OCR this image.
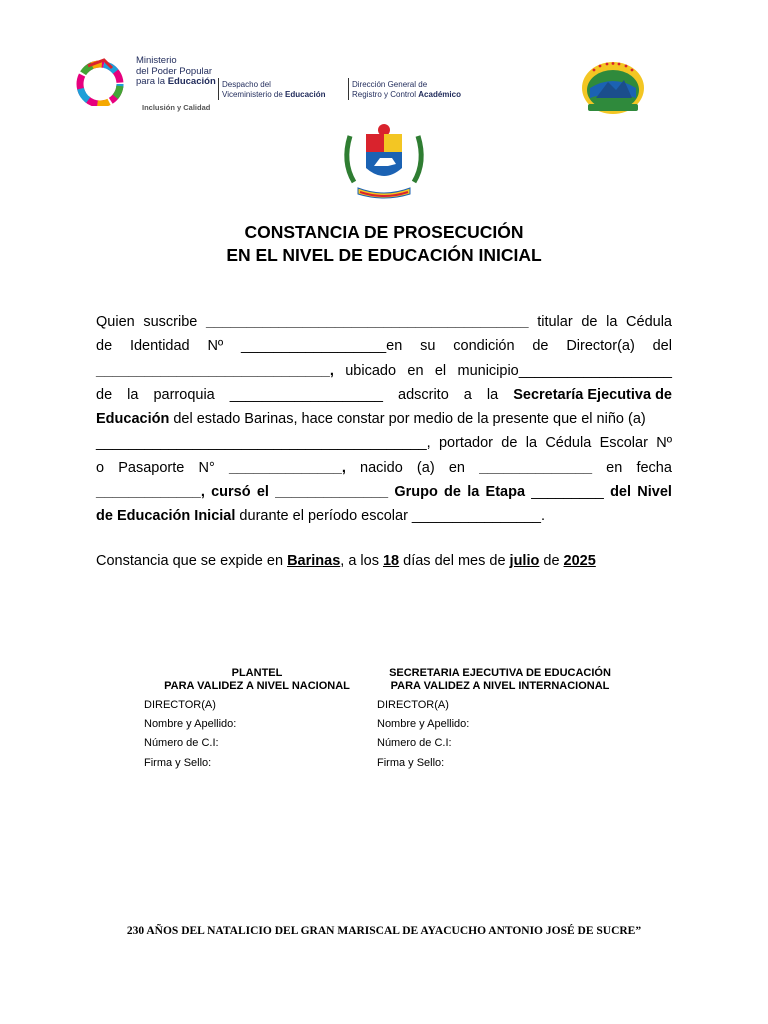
Ministerio
del Poder Popular
para la Educación
Inclusión y Calidad
Despacho del
Viceministerio de Educación
Dirección General de
Registro y Control Académico
CONSTANCIA DE PROSECUCIÓN
EN EL NIVEL DE EDUCACIÓN INICIAL
Quien suscribe ________________________________________ titular de la Cédula
de Identidad Nº __________________en su condición de Director(a) del
_____________________________, ubicado en el municipio___________________
de la parroquia ___________________ adscrito a la Secretaría Ejecutiva de
Educación del estado Barinas, hace constar por medio de la presente que el niño (a)
_________________________________________, portador de la Cédula Escolar Nº
o Pasaporte N° ______________, nacido (a) en ______________ en fecha
_____________, cursó el ______________ Grupo de la Etapa _________ del Nivel
de Educación Inicial durante el período escolar ________________.
Constancia que se expide en Barinas, a los 18 días del mes de julio de 2025
PLANTEL
PARA VALIDEZ A NIVEL NACIONAL
DIRECTOR(A)
Nombre y Apellido:
Número de C.I:
Firma y Sello:
SECRETARIA EJECUTIVA DE EDUCACIÓN
PARA VALIDEZ A NIVEL INTERNACIONAL
DIRECTOR(A)
Nombre y Apellido:
Número de C.I:
Firma y Sello:
230 AÑOS DEL NATALICIO DEL GRAN MARISCAL DE AYACUCHO ANTONIO JOSÉ DE SUCRE”
